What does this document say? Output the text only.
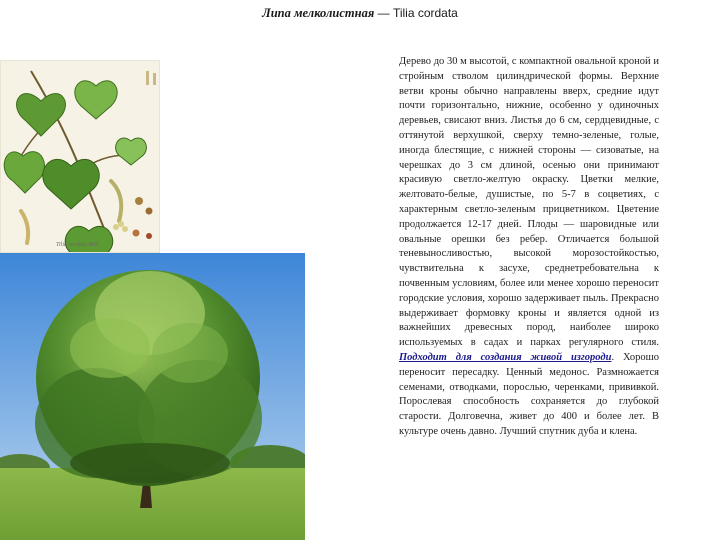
Липа мелколистная — Tilia cordata
Tilia cordata Mill.

Дерево до 30 м высотой, с компактной овальной кроной и стройным стволом цилиндрической формы. Верхние ветви кроны обычно направлены вверх, средние идут почти горизонтально, нижние, особенно у одиночных деревьев, свисают вниз. Листья до 6 см, сердцевидные, с оттянутой верхушкой, сверху темно-зеленые, голые, иногда блестящие, с нижней стороны — сизоватые, на черешках до 3 см длиной, осенью они принимают красивую светло-желтую окраску. Цветки мелкие, желтовато-белые, душистые, по 5-7 в соцветиях, с характерным светло-зеленым прицветником. Цветение продолжается 12-17 дней. Плоды — шаровидные или овальные орешки без ребер. Отличается большой теневыносливостью, высокой морозостойкостью, чувствительна к засухе, среднетребовательна к почвенным условиям, более или менее хорошо переносит городские условия, хорошо задерживает пыль. Прекрасно выдерживает формовку кроны и является одной из важнейших древесных пород, наиболее широко используемых в садах и парках регулярного стиля. Подходит для создания живой изгороди. Хорошо переносит пересадку. Ценный медонос. Размножается семенами, отводками, порослью, черенками, прививкой. Порослевая способность сохраняется до глубокой старости. Долговечна, живет до 400 и более лет. В культуре очень давно. Лучший спутник дуба и клена.
